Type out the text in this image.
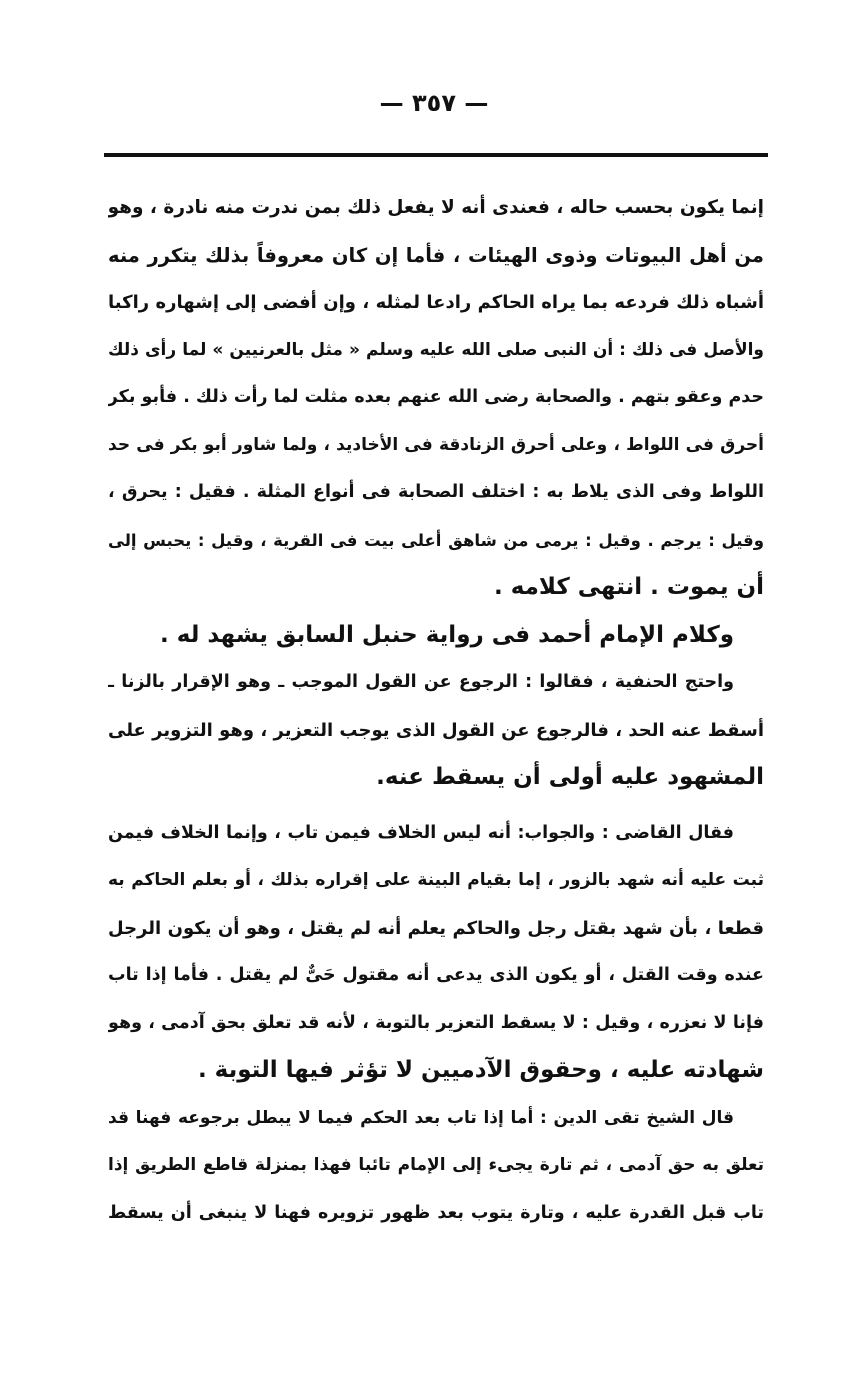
— ٣٥٧ —
إنما يكون بحسب حاله ، فعندى أنه لا يفعل ذلك بمن ندرت منه نادرة ، وهو
من أهل البيوتات وذوى الهيئات ، فأما إن كان معروفاً بذلك يتكرر منه
أشباه ذلك فردعه بما يراه الحاكم رادعا لمثله ، وإن أفضى إلى إشهاره راكبا
والأصل فى ذلك : أن النبى صلى الله عليه وسلم « مثل بالعرنيين » لما رأى ذلك
حدم وعقو بتهم . والصحابة رضى الله عنهم بعده مثلت لما رأت ذلك . فأبو بكر
أحرق فى اللواط ، وعلى أحرق الزنادقة فى الأخاديد ، ولما شاور أبو بكر فى حد
اللواط وفى الذى يلاط به : اختلف الصحابة فى أنواع المثلة . فقيل : يحرق ،
وقيل : يرجم . وقيل : يرمى من شاهق أعلى بيت فى القرية ، وقيل : يحبس إلى
أن يموت . انتهى كلامه .
وكلام الإمام أحمد فى رواية حنبل السابق يشهد له .
واحتج الحنفية ، فقالوا : الرجوع عن القول الموجب ـ وهو الإقرار بالزنا ـ
أسقط عنه الحد ، فالرجوع عن القول الذى يوجب التعزير ، وهو التزوير على
المشهود عليه أولى أن يسقط عنه.
فقال القاضى : والجواب: أنه ليس الخلاف فيمن تاب ، وإنما الخلاف فيمن
ثبت عليه أنه شهد بالزور ، إما بقيام البينة على إقراره بذلك ، أو بعلم الحاكم به
قطعا ، بأن شهد بقتل رجل والحاكم يعلم أنه لم يقتل ، وهو أن يكون الرجل
عنده وقت القتل ، أو يكون الذى يدعى أنه مقتول حَىٌّ لم يقتل . فأما إذا تاب
فإنا لا نعزره ، وقيل : لا يسقط التعزير بالتوبة ، لأنه قد تعلق بحق آدمى ، وهو
شهادته عليه ، وحقوق الآدميين لا تؤثر فيها التوبة .
قال الشيخ تقى الدين : أما إذا تاب بعد الحكم فيما لا يبطل برجوعه فهنا قد
تعلق به حق آدمى ، ثم تارة يجىء إلى الإمام تائبا فهذا بمنزلة قاطع الطريق إذا
تاب قبل القدرة عليه ، وتارة يتوب بعد ظهور تزويره فهنا لا ينبغى أن يسقط
